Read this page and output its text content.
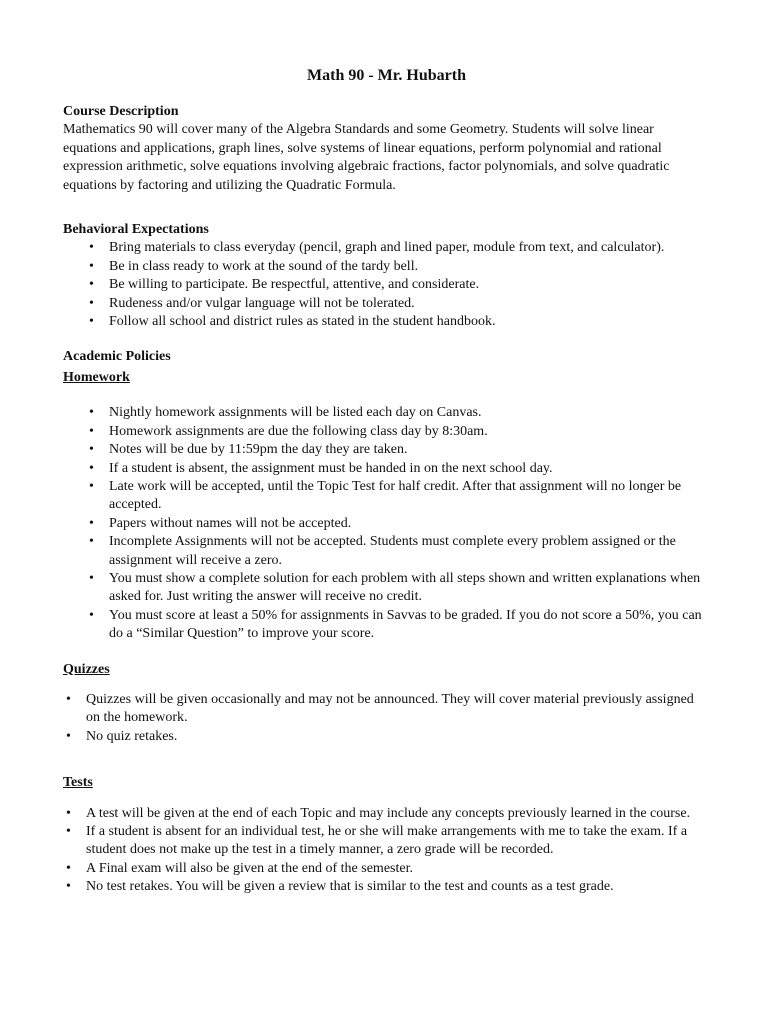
Math 90 - Mr. Hubarth

Course Description

Mathematics 90 will cover many of the Algebra Standards and some Geometry. Students will solve linear equations and applications, graph lines, solve systems of linear equations, perform polynomial and rational expression arithmetic, solve equations involving algebraic fractions, factor polynomials, and solve quadratic equations by factoring and utilizing the Quadratic Formula.

Behavioral Expectations

• Bring materials to class everyday (pencil, graph and lined paper, module from text, and calculator).
• Be in class ready to work at the sound of the tardy bell.
• Be willing to participate. Be respectful, attentive, and considerate.
• Rudeness and/or vulgar language will not be tolerated.
• Follow all school and district rules as stated in the student handbook.

Academic Policies

Homework

• Nightly homework assignments will be listed each day on Canvas.
• Homework assignments are due the following class day by 8:30am.
• Notes will be due by 11:59pm the day they are taken.
• If a student is absent, the assignment must be handed in on the next school day.
• Late work will be accepted, until the Topic Test for half credit. After that assignment will no longer be accepted.
• Papers without names will not be accepted.
• Incomplete Assignments will not be accepted. Students must complete every problem assigned or the assignment will receive a zero.
• You must show a complete solution for each problem with all steps shown and written explanations when asked for. Just writing the answer will receive no credit.
• You must score at least a 50% for assignments in Savvas to be graded. If you do not score a 50%, you can do a “Similar Question” to improve your score.

Quizzes

• Quizzes will be given occasionally and may not be announced. They will cover material previously assigned on the homework.
• No quiz retakes.

Tests

• A test will be given at the end of each Topic and may include any concepts previously learned in the course.
• If a student is absent for an individual test, he or she will make arrangements with me to take the exam. If a student does not make up the test in a timely manner, a zero grade will be recorded.
• A Final exam will also be given at the end of the semester.
• No test retakes. You will be given a review that is similar to the test and counts as a test grade.
